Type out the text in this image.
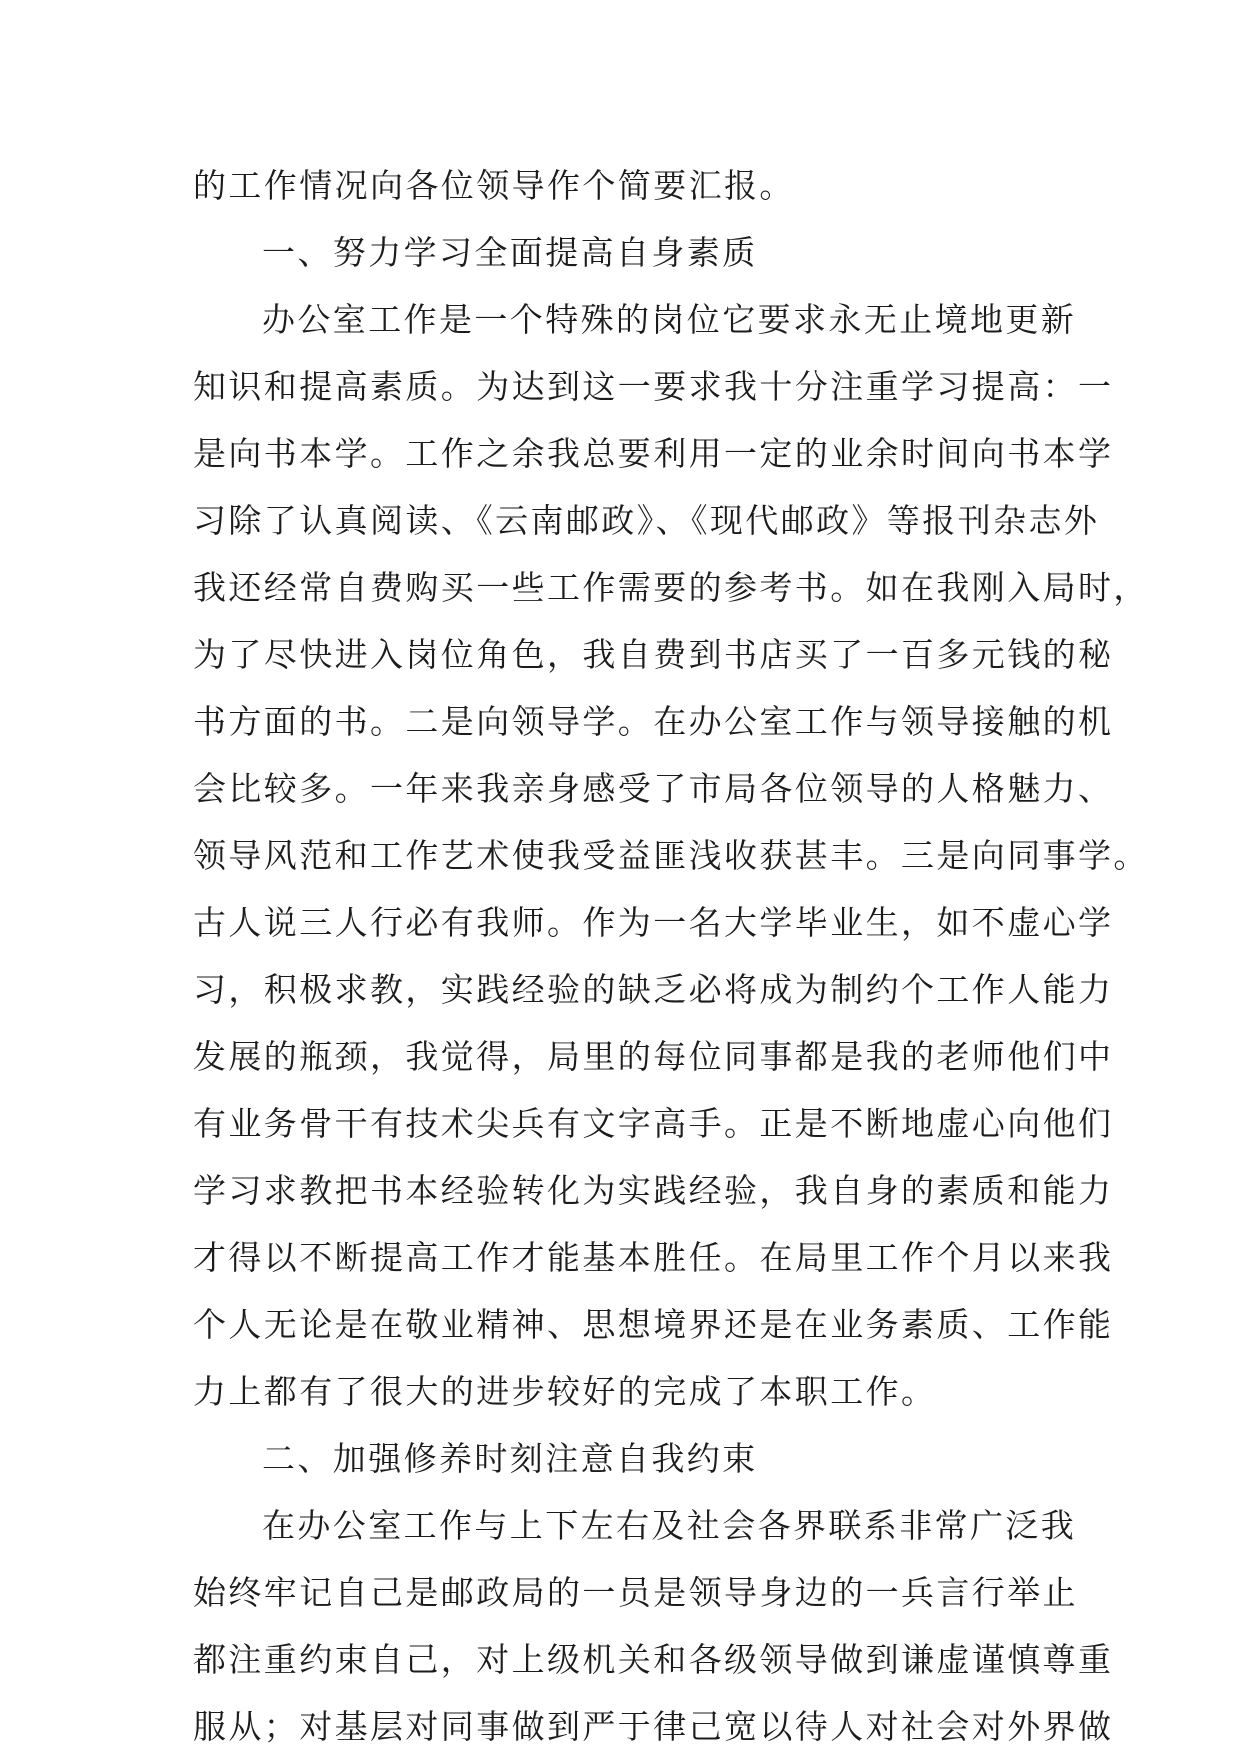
的工作情况向各位领导作个简要汇报。
一、努力学习全面提高自身素质
办公室工作是一个特殊的岗位它要求永无止境地更新
知识和提高素质。为达到这一要求我十分注重学习提高：一
是向书本学。工作之余我总要利用一定的业余时间向书本学
习除了认真阅读、《云南邮政》、《现代邮政》等报刊杂志外
我还经常自费购买一些工作需要的参考书。如在我刚入局时，
为了尽快进入岗位角色，我自费到书店买了一百多元钱的秘
书方面的书。二是向领导学。在办公室工作与领导接触的机
会比较多。一年来我亲身感受了市局各位领导的人格魅力、
领导风范和工作艺术使我受益匪浅收获甚丰。三是向同事学。
古人说三人行必有我师。作为一名大学毕业生，如不虚心学
习，积极求教，实践经验的缺乏必将成为制约个工作人能力
发展的瓶颈，我觉得，局里的每位同事都是我的老师他们中
有业务骨干有技术尖兵有文字高手。正是不断地虚心向他们
学习求教把书本经验转化为实践经验，我自身的素质和能力
才得以不断提高工作才能基本胜任。在局里工作个月以来我
个人无论是在敬业精神、思想境界还是在业务素质、工作能
力上都有了很大的进步较好的完成了本职工作。
二、加强修养时刻注意自我约束
在办公室工作与上下左右及社会各界联系非常广泛我
始终牢记自己是邮政局的一员是领导身边的一兵言行举止
都注重约束自己，对上级机关和各级领导做到谦虚谨慎尊重
服从；对基层对同事做到严于律己宽以待人对社会对外界做
